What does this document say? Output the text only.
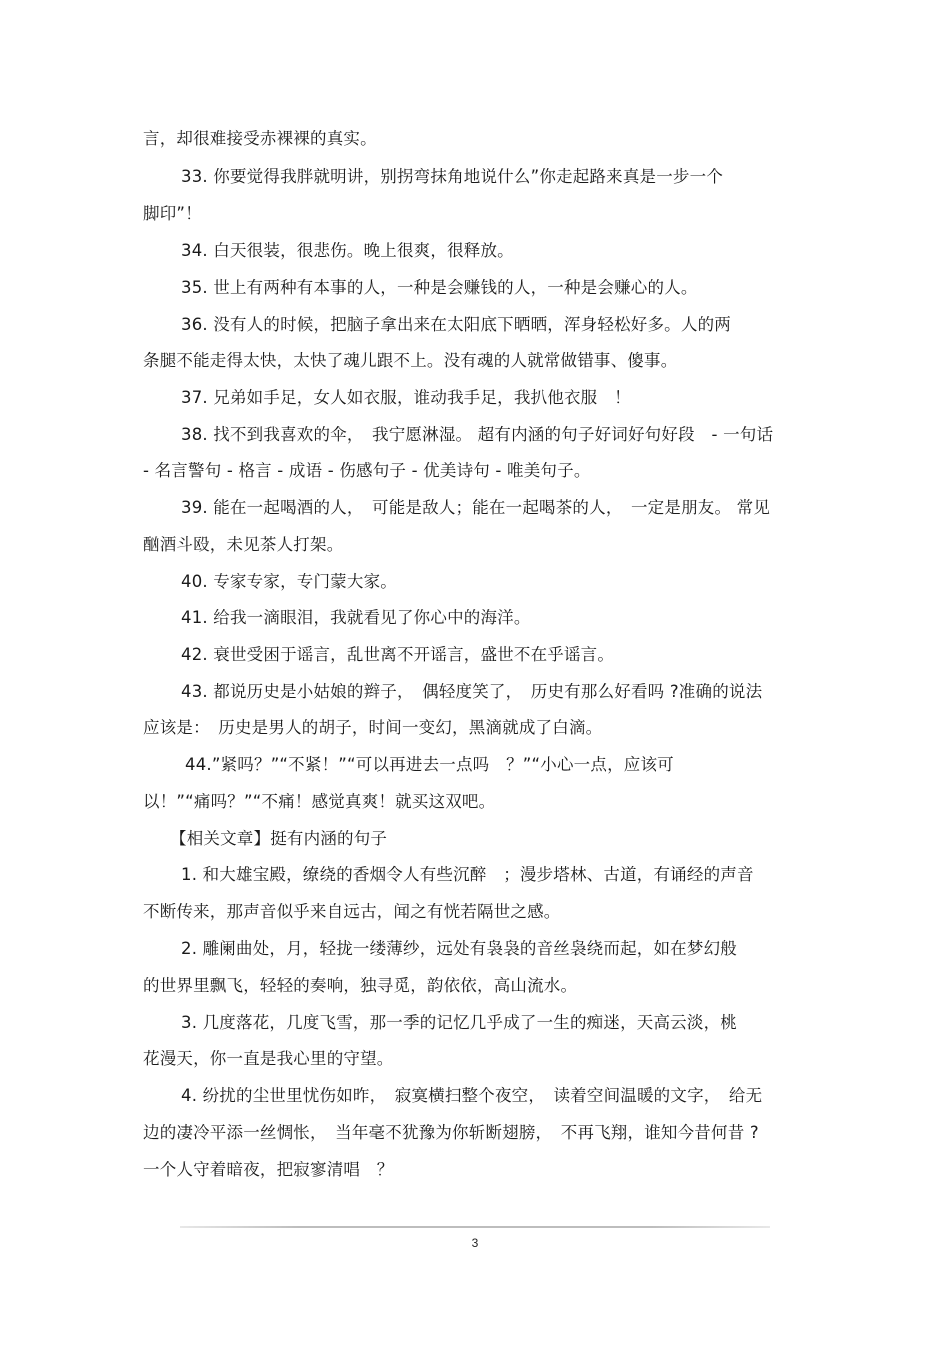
言，却很难接受赤裸裸的真实。
33. 你要觉得我胖就明讲，别拐弯抹角地说什么”你走起路来真是一步一个
脚印”！
34. 白天很装，很悲伤。晚上很爽，很释放。
35. 世上有两种有本事的人，一种是会赚钱的人，一种是会赚心的人。
36. 没有人的时候，把脑子拿出来在太阳底下晒晒，浑身轻松好多。人的两
条腿不能走得太快，太快了魂儿跟不上。没有魂的人就常做错事、傻事。
37. 兄弟如手足，女人如衣服，谁动我手足，我扒他衣服　！
38. 找不到我喜欢的伞，　我宁愿淋湿。 超有内涵的句子好词好句好段　- 一句话
- 名言警句 - 格言 - 成语 - 伤感句子 - 优美诗句 - 唯美句子。
39. 能在一起喝酒的人，　可能是敌人；能在一起喝茶的人，　一定是朋友。 常见
酗酒斗殴，未见茶人打架。
40. 专家专家，专门蒙大家。
41. 给我一滴眼泪，我就看见了你心中的海洋。
42. 衰世受困于谣言，乱世离不开谣言，盛世不在乎谣言。
43. 都说历史是小姑娘的辫子，　偶轻度笑了，　历史有那么好看吗 ?准确的说法
应该是：　历史是男人的胡子，时间一变幻，黑滴就成了白滴。
44.”紧吗？”“不紧！”“可以再进去一点吗　？”“小心一点，应该可
以！”“痛吗？”“不痛！感觉真爽！就买这双吧。
【相关文章】挺有内涵的句子
1. 和大雄宝殿，缭绕的香烟令人有些沉醉　；漫步塔林、古道，有诵经的声音
不断传来，那声音似乎来自远古，闻之有恍若隔世之感。
2. 雕阑曲处，月，轻拢一缕薄纱，远处有袅袅的音丝袅绕而起，如在梦幻般
的世界里飘飞，轻轻的奏响，独寻觅，韵依依，高山流水。
3. 几度落花，几度飞雪，那一季的记忆几乎成了一生的痴迷，天高云淡，桃
花漫天，你一直是我心里的守望。
4. 纷扰的尘世里忧伤如昨，　寂寞横扫整个夜空，　读着空间温暖的文字，　给无
边的凄冷平添一丝惆怅，　当年毫不犹豫为你斩断翅膀，　不再飞翔，谁知今昔何昔 ?
一个人守着暗夜，把寂寥清唱　？
3
